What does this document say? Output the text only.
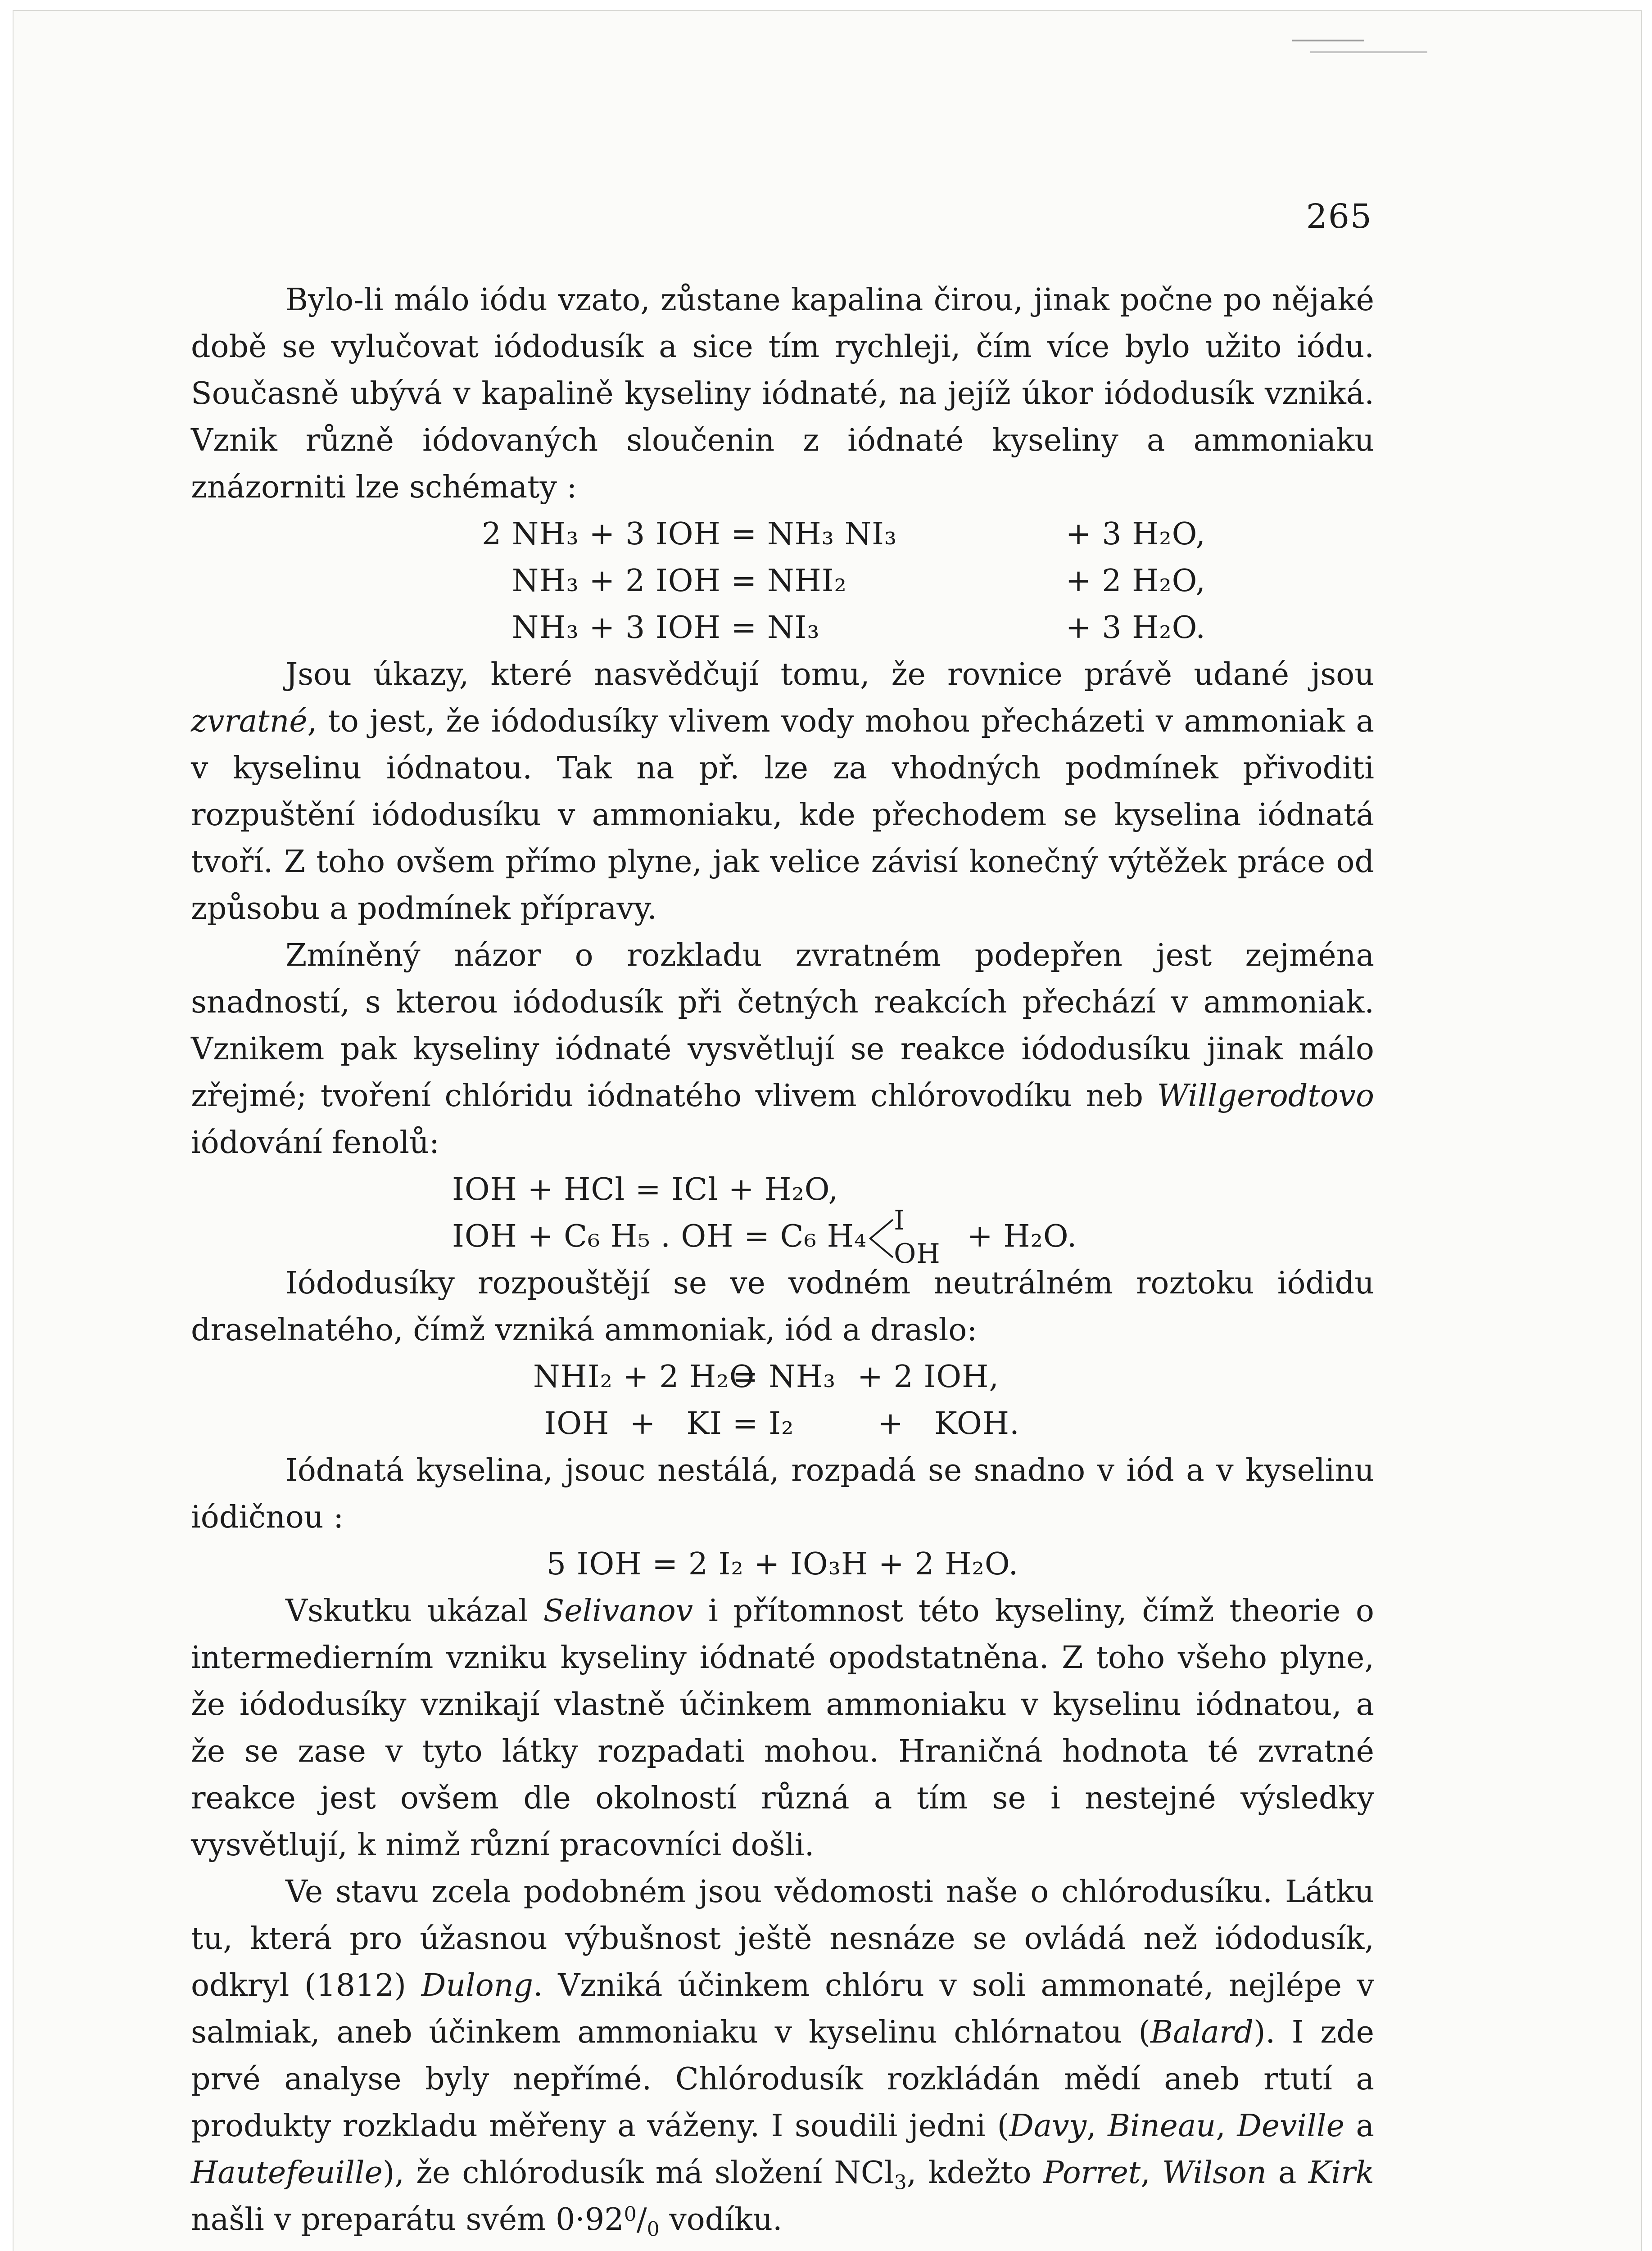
265

Bylo-li málo iódu vzato, zůstane kapalina čirou, jinak počne po nějaké době se vylučovat iódodusík a sice tím rychleji, čím více bylo užito iódu. Současně ubývá v kapalině kyseliny iódnaté, na jejíž úkor iódodusík vzniká. Vznik různě iódovaných sloučenin z iódnaté kyseliny a ammoniaku znázorniti lze schématy :

2 NH₃ + 3 IOH = NH₃ NI₃	+ 3 H₂O,
NH₃ + 2 IOH = NHI₂	+ 2 H₂O,
NH₃ + 3 IOH = NI₃	+ 3 H₂O.

Jsou úkazy, které nasvědčují tomu, že rovnice právě udané jsou zvratné, to jest, že iódodusíky vlivem vody mohou přecházeti v ammoniak a v kyselinu iódnatou. Tak na př. lze za vhodných podmínek přivoditi rozpuštění iódodusíku v ammoniaku, kde přechodem se kyselina iódnatá tvoří. Z toho ovšem přímo plyne, jak velice závisí konečný výtěžek práce od způsobu a podmínek přípravy.

Zmíněný názor o rozkladu zvratném podepřen jest zejména snadností, s kterou iódodusík při četných reakcích přechází v ammoniak. Vznikem pak kyseliny iódnaté vysvětlují se reakce iódodusíku jinak málo zřejmé; tvoření chlóridu iódnatého vlivem chlórovodíku neb Willgerodtovo iódování fenolů:

IOH + HCl = ICl + H₂O,
IOH + C₆ H₅ . OH = C₆ H₄

I

OH

+ H₂O.

Iódodusíky rozpouštějí se ve vodném neutrálném roztoku iódidu draselnatého, čímž vzniká ammoniak, iód a draslo:

NHI₂ + 2 H₂O
= NH₃ + 2 IOH,
IOH  +   KI = I₂	+   KOH.

Iódnatá kyselina, jsouc nestálá, rozpadá se snadno v iód a v kyselinu iódičnou :

5 IOH = 2 I₂ + IO₃H + 2 H₂O.

Vskutku ukázal Selivanov i přítomnost této kyseliny, čímž theorie o intermedierním vzniku kyseliny iódnaté opodstatněna. Z toho všeho plyne, že iódodusíky vznikají vlastně účinkem ammoniaku v kyselinu iódnatou, a že se zase v tyto látky rozpadati mohou. Hraničná hodnota té zvratné reakce jest ovšem dle okolností různá a tím se i nestejné výsledky vysvětlují, k nimž různí pracovníci došli.

Ve stavu zcela podobném jsou vědomosti naše o chlórodusíku. Látku tu, která pro úžasnou výbušnost ještě nesnáze se ovládá než iódodusík, odkryl (1812) Dulong. Vzniká účinkem chlóru v soli ammonaté, nejlépe v salmiak, aneb účinkem ammoniaku v kyselinu chlórnatou (Balard). I zde prvé analyse byly nepřímé. Chlórodusík rozkládán mědí aneb rtutí a produkty rozkladu měřeny a váženy. I soudili jedni (Davy, Bineau, Deville a Hautefeuille), že chlórodusík má složení NCl$_3$, kdežto Porret, Wilson a Kirk našli v preparátu svém $0\cdot 92^0/_0$ vodíku.
